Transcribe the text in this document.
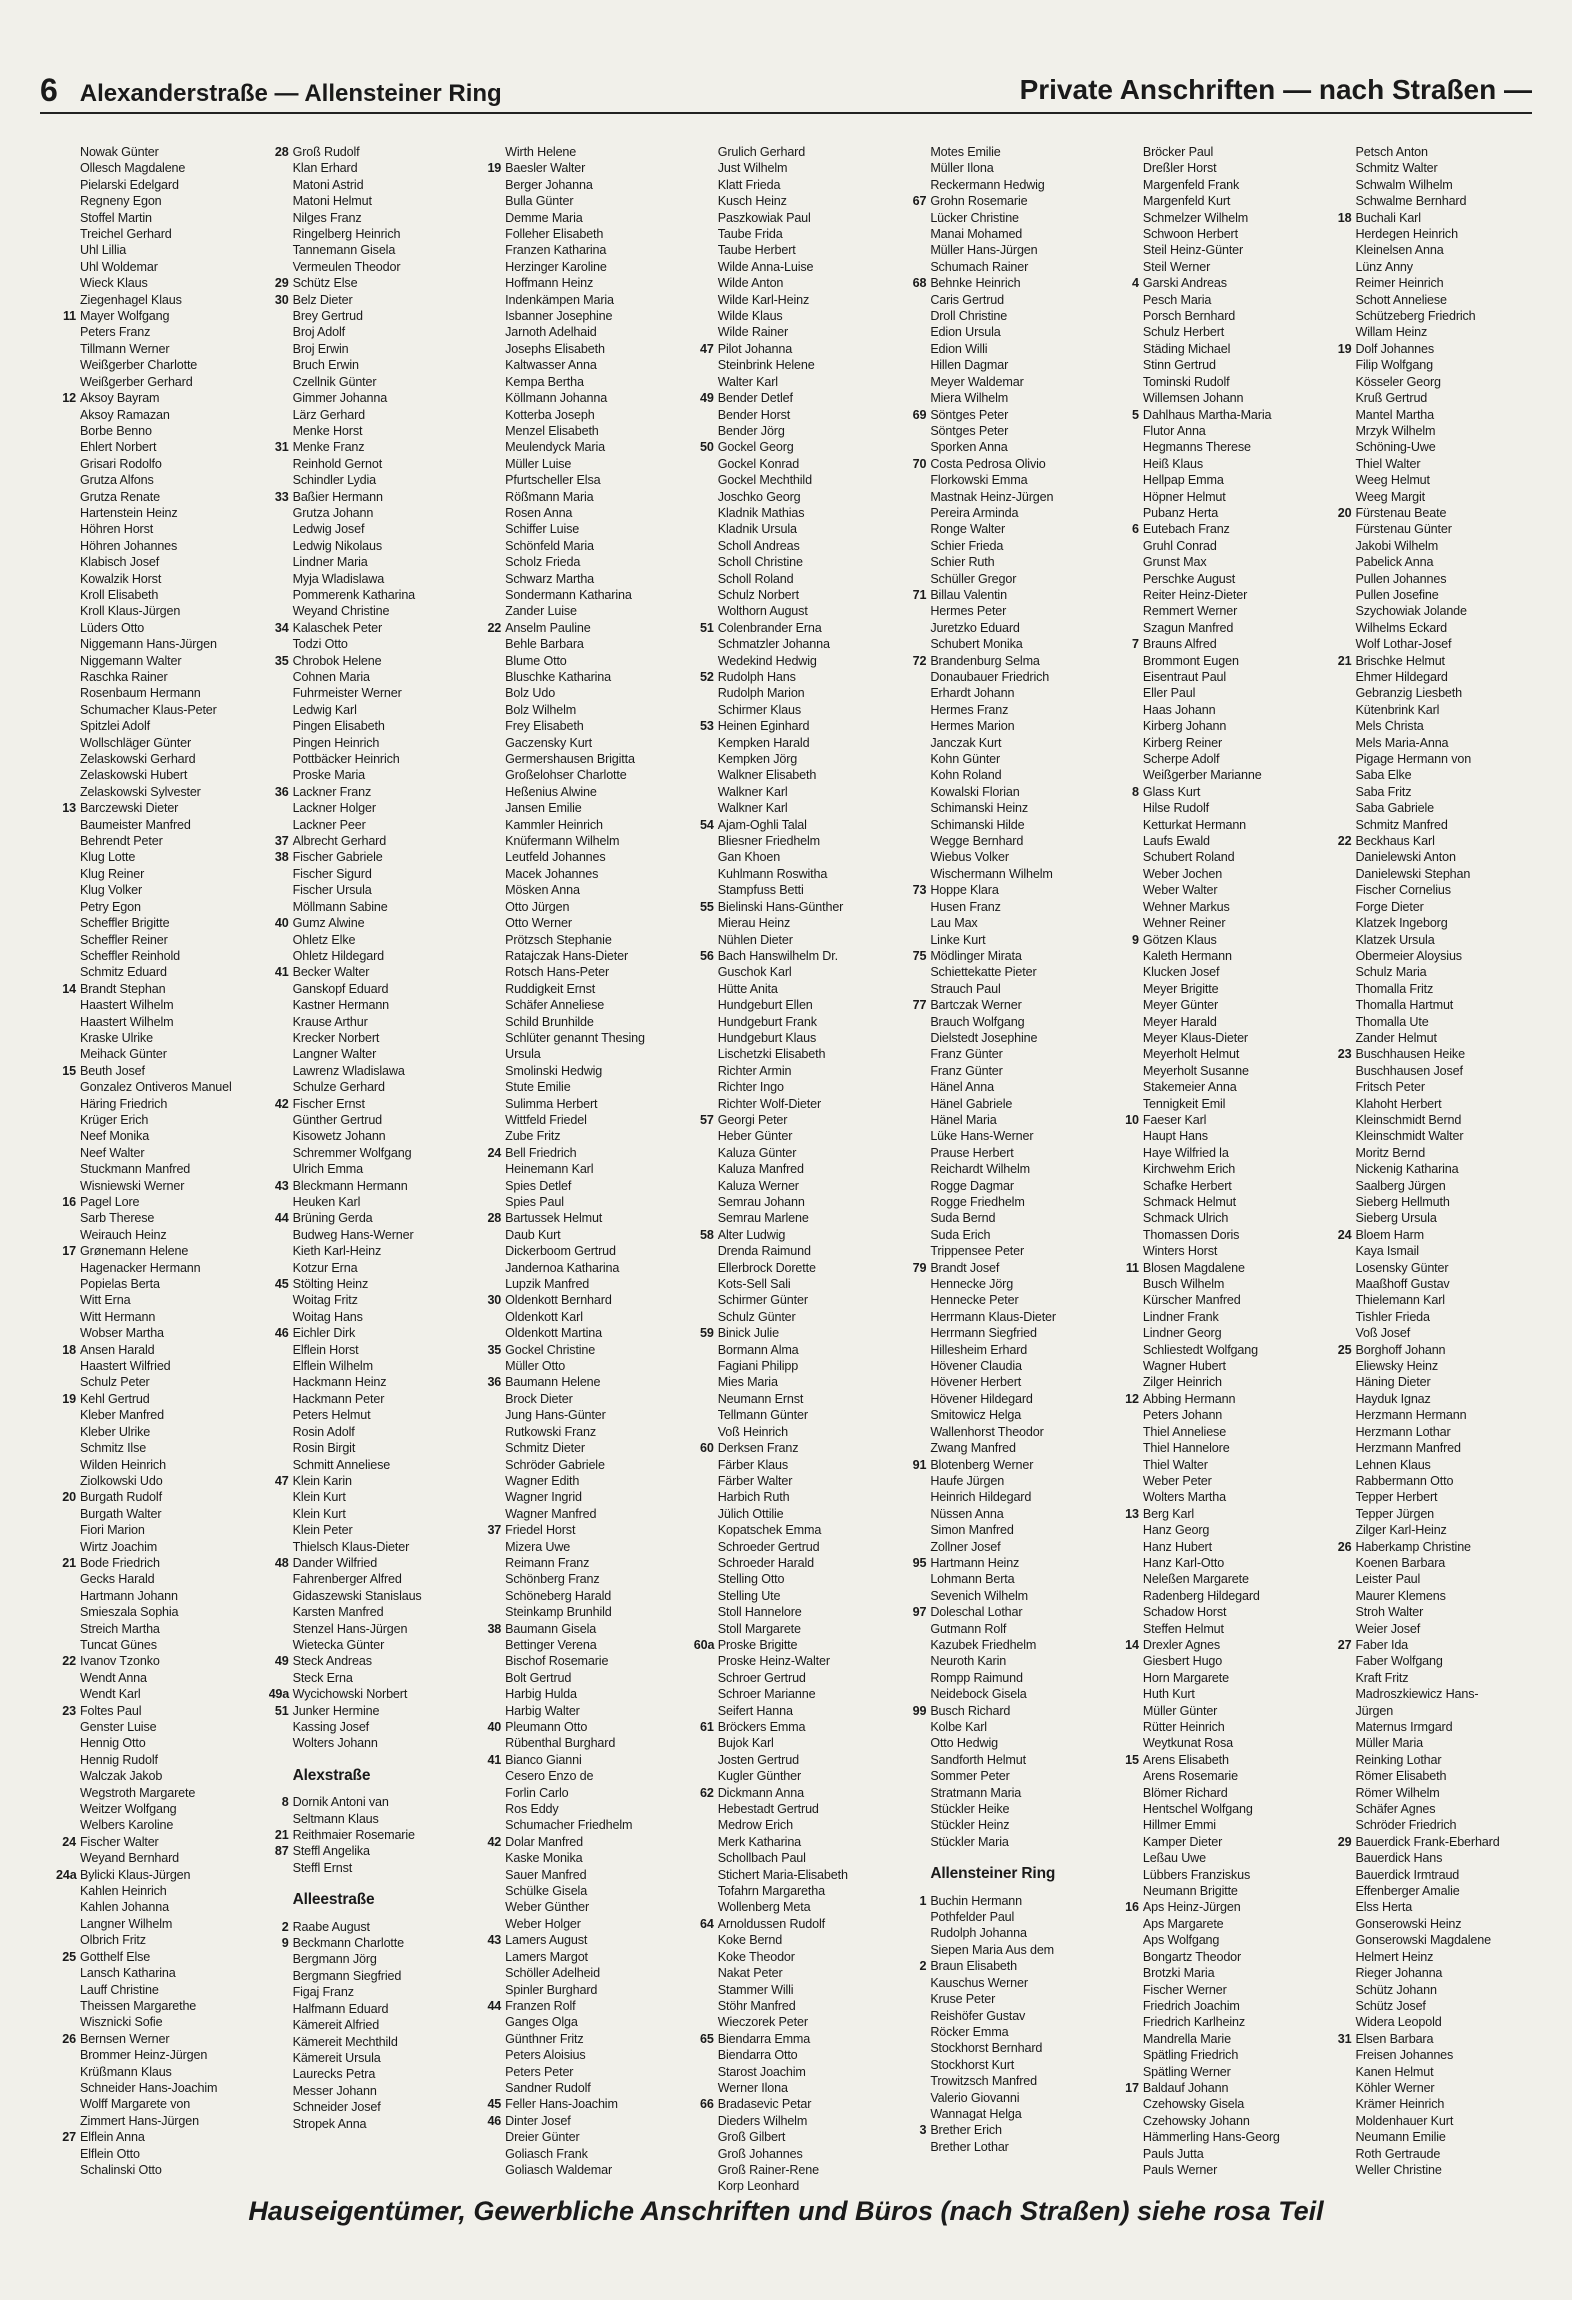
6 Alexanderstraße — Allensteiner Ring	Private Anschriften — nach Straßen —
Nowak Günter
Ollesch Magdalene
Pielarski Edelgard
Regneny Egon
Stoffel Martin
Treichel Gerhard
Uhl Lillia
Uhl Woldemar
Wieck Klaus
Ziegenhagel Klaus
11 Mayer Wolfgang
Peters Franz
Tillmann Werner
Weißgerber Charlotte
Weißgerber Gerhard
12 Aksoy Bayram
Aksoy Ramazan
Borbe Benno
Ehlert Norbert
Grisari Rodolfo
Grutza Alfons
Grutza Renate
Hartenstein Heinz
Höhren Horst
Höhren Johannes
Klabisch Josef
Kowalzik Horst
Kroll Elisabeth
Kroll Klaus-Jürgen
Lüders Otto
Niggemann Hans-Jürgen
Niggemann Walter
Raschka Rainer
Rosenbaum Hermann
Schumacher Klaus-Peter
Spitzlei Adolf
Wollschläger Günter
Zelaskowski Gerhard
Zelaskowski Hubert
Zelaskowski Sylvester
13 Barczewski Dieter
Baumeister Manfred
Behrendt Peter
Klug Lotte
Klug Reiner
Klug Volker
Petry Egon
Scheffler Brigitte
Scheffler Reiner
Scheffler Reinhold
Schmitz Eduard
14 Brandt Stephan
Haastert Wilhelm
Haastert Wilhelm
Kraske Ulrike
Meihack Günter
15 Beuth Josef
Gonzalez Ontiveros Manuel
Häring Friedrich
Krüger Erich
Neef Monika
Neef Walter
Stuckmann Manfred
Wisniewski Werner
16 Pagel Lore
Sarb Therese
Weirauch Heinz
17 Grønemann Helene
Hagenacker Hermann
Popielas Berta
Witt Erna
Witt Hermann
Wobser Martha
18 Ansen Harald
Haastert Wilfried
Schulz Peter
19 Kehl Gertrud
Kleber Manfred
Kleber Ulrike
Schmitz Ilse
Wilden Heinrich
Ziolkowski Udo
20 Burgath Rudolf
Burgath Walter
Fiori Marion
Wirtz Joachim
21 Bode Friedrich
Gecks Harald
Hartmann Johann
Smieszala Sophia
Streich Martha
Tuncat Günes
22 Ivanov Tzonko
Wendt Anna
Wendt Karl
23 Foltes Paul
Genster Luise
Hennig Otto
Hennig Rudolf
Walczak Jakob
Wegstroth Margarete
Weitzer Wolfgang
Welbers Karoline
24 Fischer Walter
Weyand Bernhard
24a Bylicki Klaus-Jürgen
Kahlen Heinrich
Kahlen Johanna
Langner Wilhelm
Olbrich Fritz
25 Gotthelf Else
Lansch Katharina
Lauff Christine
Theissen Margarethe
Wisznicki Sofie
26 Bernsen Werner
Brommer Heinz-Jürgen
Krüßmann Klaus
Schneider Hans-Joachim
Wolff Margarete von
Zimmert Hans-Jürgen
27 Elflein Anna
Elflein Otto
Schalinski Otto
28 Groß Rudolf
Klan Erhard
Matoni Astrid
Matoni Helmut
Nilges Franz
Ringelberg Heinrich
Tannemann Gisela
Vermeulen Theodor
29 Schütz Else
30 Belz Dieter
Brey Gertrud
Broj Adolf
Broj Erwin
Bruch Erwin
Czellnik Günter
Gimmer Johanna
Lärz Gerhard
Menke Horst
31 Menke Franz
Reinhold Gernot
Schindler Lydia
33 Baßier Hermann
Grutza Johann
Ledwig Josef
Ledwig Nikolaus
Lindner Maria
Myja Wladislawa
Pommerenk Katharina
Weyand Christine
34 Kalaschek Peter
Todzi Otto
35 Chrobok Helene
Cohnen Maria
Fuhrmeister Werner
Ledwig Karl
Pingen Elisabeth
Pingen Heinrich
Pottbäcker Heinrich
Proske Maria
36 Lackner Franz
Lackner Holger
Lackner Peer
37 Albrecht Gerhard
38 Fischer Gabriele
Fischer Sigurd
Fischer Ursula
Möllmann Sabine
40 Gumz Alwine
Ohletz Elke
Ohletz Hildegard
41 Becker Walter
Ganskopf Eduard
Kastner Hermann
Krause Arthur
Krecker Norbert
Langner Walter
Lawrenz Wladislawa
Schulze Gerhard
42 Fischer Ernst
Günther Gertrud
Kisowetz Johann
Schremmer Wolfgang
Ulrich Emma
43 Bleckmann Hermann
Heuken Karl
44 Brüning Gerda
Budweg Hans-Werner
Kieth Karl-Heinz
Kotzur Erna
45 Stölting Heinz
Woitag Fritz
Woitag Hans
46 Eichler Dirk
Elflein Horst
Elflein Wilhelm
Hackmann Heinz
Hackmann Peter
Peters Helmut
Rosin Adolf
Rosin Birgit
Schmitt Anneliese
47 Klein Karin
Klein Kurt
Klein Kurt
Klein Peter
Thielsch Klaus-Dieter
48 Dander Wilfried
Fahrenberger Alfred
Gidaszewski Stanislaus
Karsten Manfred
Stenzel Hans-Jürgen
Wietecka Günter
49 Steck Andreas
Steck Erna
49a Wycichowski Norbert
51 Junker Hermine
Kassing Josef
Wolters Johann
Alexstraße
8 Dornik Antoni van
Seltmann Klaus
21 Reithmaier Rosemarie
87 Steffl Angelika
Steffl Ernst
Alleestraße
2 Raabe August
9 Beckmann Charlotte
Bergmann Jörg
Bergmann Siegfried
Figaj Franz
Halfmann Eduard
Kämereit Alfried
Kämereit Mechthild
Kämereit Ursula
Laurecks Petra
Messer Johann
Schneider Josef
Stropek Anna
Wirth Helene
19 Baesler Walter
Berger Johanna
Bulla Günter
Demme Maria
Folleher Elisabeth
Franzen Katharina
Herzinger Karoline
Hoffmann Heinz
Indenkämpen Maria
Isbanner Josephine
Jarnoth Adelhaid
Josephs Elisabeth
Kaltwasser Anna
Kempa Bertha
Köllmann Johanna
Kotterba Joseph
Menzel Elisabeth
Meulendyck Maria
Müller Luise
Pfurtscheller Elsa
Rößmann Maria
Rosen Anna
Schiffer Luise
Schönfeld Maria
Scholz Frieda
Schwarz Martha
Sondermann Katharina
Zander Luise
22 Anselm Pauline
Behle Barbara
Blume Otto
Bluschke Katharina
Bolz Udo
Bolz Wilhelm
Frey Elisabeth
Gaczensky Kurt
Germershausen Brigitta
Großelohser Charlotte
Heßenius Alwine
Jansen Emilie
Kammler Heinrich
Knüfermann Wilhelm
Leutfeld Johannes
Macek Johannes
Mösken Anna
Otto Jürgen
Otto Werner
Prötzsch Stephanie
Ratajczak Hans-Dieter
Rotsch Hans-Peter
Ruddigkeit Ernst
Schäfer Anneliese
Schild Brunhilde
Schlüter genannt Thesing
Ursula
Smolinski Hedwig
Stute Emilie
Sulimma Herbert
Wittfeld Friedel
Zube Fritz
24 Bell Friedrich
Heinemann Karl
Spies Detlef
Spies Paul
28 Bartussek Helmut
Daub Kurt
Dickerboom Gertrud
Jandernoa Katharina
Lupzik Manfred
30 Oldenkott Bernhard
Oldenkott Karl
Oldenkott Martina
35 Gockel Christine
Müller Otto
36 Baumann Helene
Brock Dieter
Jung Hans-Günter
Rutkowski Franz
Schmitz Dieter
Schröder Gabriele
Wagner Edith
Wagner Ingrid
Wagner Manfred
37 Friedel Horst
Mizera Uwe
Reimann Franz
Schönberg Franz
Schöneberg Harald
Steinkamp Brunhild
38 Baumann Gisela
Bettinger Verena
Bischof Rosemarie
Bolt Gertrud
Harbig Hulda
Harbig Walter
40 Pleumann Otto
Rübenthal Burghard
41 Bianco Gianni
Cesero Enzo de
Forlin Carlo
Ros Eddy
Schumacher Friedhelm
42 Dolar Manfred
Kaske Monika
Sauer Manfred
Schülke Gisela
Weber Günther
Weber Holger
43 Lamers August
Lamers Margot
Schöller Adelheid
Spinler Burghard
44 Franzen Rolf
Ganges Olga
Günthner Fritz
Peters Aloisius
Peters Peter
Sandner Rudolf
45 Feller Hans-Joachim
46 Dinter Josef
Dreier Günter
Goliasch Frank
Goliasch Waldemar
Grulich Gerhard
Just Wilhelm
Klatt Frieda
Kusch Heinz
Paszkowiak Paul
Taube Frida
Taube Herbert
Wilde Anna-Luise
Wilde Anton
Wilde Karl-Heinz
Wilde Klaus
Wilde Rainer
47 Pilot Johanna
Steinbrink Helene
Walter Karl
49 Bender Detlef
Bender Horst
Bender Jörg
50 Gockel Georg
Gockel Konrad
Gockel Mechthild
Joschko Georg
Kladnik Mathias
Kladnik Ursula
Scholl Andreas
Scholl Christine
Scholl Roland
Schulz Norbert
Wolthorn August
51 Colenbrander Erna
Schmatzler Johanna
Wedekind Hedwig
52 Rudolph Hans
Rudolph Marion
Schirmer Klaus
53 Heinen Eginhard
Kempken Harald
Kempken Jörg
Walkner Elisabeth
Walkner Karl
Walkner Karl
54 Ajam-Oghli Talal
Bliesner Friedhelm
Gan Khoen
Kuhlmann Roswitha
Stampfuss Betti
55 Bielinski Hans-Günther
Mierau Heinz
Nühlen Dieter
56 Bach Hanswilhelm Dr.
Guschok Karl
Hütte Anita
Hundgeburt Ellen
Hundgeburt Frank
Hundgeburt Klaus
Lischetzki Elisabeth
Richter Armin
Richter Ingo
Richter Wolf-Dieter
57 Georgi Peter
Heber Günter
Kaluza Günter
Kaluza Manfred
Kaluza Werner
Semrau Johann
Semrau Marlene
58 Alter Ludwig
Drenda Raimund
Ellerbrock Dorette
Kots-Sell Sali
Schirmer Günter
Schulz Günter
59 Binick Julie
Bormann Alma
Fagiani Philipp
Mies Maria
Neumann Ernst
Tellmann Günter
Voß Heinrich
60 Derksen Franz
Färber Klaus
Färber Walter
Harbich Ruth
Jülich Ottilie
Kopatschek Emma
Schroeder Gertrud
Schroeder Harald
Stelling Otto
Stelling Ute
Stoll Hannelore
Stoll Margarete
60a Proske Brigitte
Proske Heinz-Walter
Schroer Gertrud
Schroer Marianne
Seifert Hanna
61 Bröckers Emma
Bujok Karl
Josten Gertrud
Kugler Günther
62 Dickmann Anna
Hebestadt Gertrud
Medrow Erich
Merk Katharina
Schollbach Paul
Stichert Maria-Elisabeth
Tofahrn Margaretha
Wollenberg Meta
64 Arnoldussen Rudolf
Koke Bernd
Koke Theodor
Nakat Peter
Stammer Willi
Stöhr Manfred
Wieczorek Peter
65 Biendarra Emma
Biendarra Otto
Starost Joachim
Werner Ilona
66 Bradasevic Petar
Dieders Wilhelm
Groß Gilbert
Groß Johannes
Groß Rainer-Rene
Korp Leonhard
Motes Emilie
Müller Ilona
Reckermann Hedwig
67 Grohn Rosemarie
Lücker Christine
Manai Mohamed
Müller Hans-Jürgen
Schumach Rainer
68 Behnke Heinrich
Caris Gertrud
Droll Christine
Edion Ursula
Edion Willi
Hillen Dagmar
Meyer Waldemar
Miera Wilhelm
69 Söntges Peter
Söntges Peter
Sporken Anna
70 Costa Pedrosa Olivio
Florkowski Emma
Mastnak Heinz-Jürgen
Pereira Arminda
Ronge Walter
Schier Frieda
Schier Ruth
Schüller Gregor
71 Billau Valentin
Hermes Peter
Juretzko Eduard
Schubert Monika
72 Brandenburg Selma
Donaubauer Friedrich
Erhardt Johann
Hermes Franz
Hermes Marion
Janczak Kurt
Kohn Günter
Kohn Roland
Kowalski Florian
Schimanski Heinz
Schimanski Hilde
Wegge Bernhard
Wiebus Volker
Wischermann Wilhelm
73 Hoppe Klara
Husen Franz
Lau Max
Linke Kurt
75 Mödlinger Mirata
Schiettekatte Pieter
Strauch Paul
77 Bartczak Werner
Brauch Wolfgang
Dielstedt Josephine
Franz Günter
Franz Günter
Hänel Anna
Hänel Gabriele
Hänel Maria
Lüke Hans-Werner
Prause Herbert
Reichardt Wilhelm
Rogge Dagmar
Rogge Friedhelm
Suda Bernd
Suda Erich
Trippensee Peter
79 Brandt Josef
Hennecke Jörg
Hennecke Peter
Herrmann Klaus-Dieter
Herrmann Siegfried
Hillesheim Erhard
Hövener Claudia
Hövener Herbert
Hövener Hildegard
Smitowicz Helga
Wallenhorst Theodor
Zwang Manfred
91 Blotenberg Werner
Haufe Jürgen
Heinrich Hildegard
Nüssen Anna
Simon Manfred
Zollner Josef
95 Hartmann Heinz
Lohmann Berta
Sevenich Wilhelm
97 Doleschal Lothar
Gutmann Rolf
Kazubek Friedhelm
Neuroth Karin
Rompp Raimund
Neidebock Gisela
99 Busch Richard
Kolbe Karl
Otto Hedwig
Sandforth Helmut
Sommer Peter
Stratmann Maria
Stückler Heike
Stückler Heinz
Stückler Maria
Allensteiner Ring
1 Buchin Hermann
Pothfelder Paul
Rudolph Johanna
Siepen Maria Aus dem
2 Braun Elisabeth
Kauschus Werner
Kruse Peter
Reishöfer Gustav
Röcker Emma
Stockhorst Bernhard
Stockhorst Kurt
Trowitzsch Manfred
Valerio Giovanni
Wannagat Helga
3 Brether Erich
Brether Lothar
Bröcker Paul
Dreßler Horst
Margenfeld Frank
Margenfeld Kurt
Schmelzer Wilhelm
Schwoon Herbert
Steil Heinz-Günter
Steil Werner
4 Garski Andreas
Pesch Maria
Porsch Bernhard
Schulz Herbert
Städing Michael
Stinn Gertrud
Tominski Rudolf
Willemsen Johann
5 Dahlhaus Martha-Maria
Flutor Anna
Hegmanns Therese
Heiß Klaus
Hellpap Emma
Höpner Helmut
Pubanz Herta
6 Eutebach Franz
Gruhl Conrad
Grunst Max
Perschke August
Reiter Heinz-Dieter
Remmert Werner
Szagun Manfred
7 Brauns Alfred
Brommont Eugen
Eisentraut Paul
Eller Paul
Haas Johann
Kirberg Johann
Kirberg Reiner
Scherpe Adolf
Weißgerber Marianne
8 Glass Kurt
Hilse Rudolf
Ketturkat Hermann
Laufs Ewald
Schubert Roland
Weber Jochen
Weber Walter
Wehner Markus
Wehner Reiner
9 Götzen Klaus
Kaleth Hermann
Klucken Josef
Meyer Brigitte
Meyer Günter
Meyer Harald
Meyer Klaus-Dieter
Meyerholt Helmut
Meyerholt Susanne
Stakemeier Anna
Tennigkeit Emil
10 Faeser Karl
Haupt Hans
Haye Wilfried la
Kirchwehm Erich
Schafke Herbert
Schmack Helmut
Schmack Ulrich
Thomassen Doris
Winters Horst
11 Blosen Magdalene
Busch Wilhelm
Kürscher Manfred
Lindner Frank
Lindner Georg
Schliestedt Wolfgang
Wagner Hubert
Zilger Heinrich
12 Abbing Hermann
Peters Johann
Thiel Anneliese
Thiel Hannelore
Thiel Walter
Weber Peter
Wolters Martha
13 Berg Karl
Hanz Georg
Hanz Hubert
Hanz Karl-Otto
Neleßen Margarete
Radenberg Hildegard
Schadow Horst
Steffen Helmut
14 Drexler Agnes
Giesbert Hugo
Horn Margarete
Huth Kurt
Müller Günter
Rütter Heinrich
Weytkunat Rosa
15 Arens Elisabeth
Arens Rosemarie
Blömer Richard
Hentschel Wolfgang
Hillmer Emmi
Kamper Dieter
Leßau Uwe
Lübbers Franziskus
Neumann Brigitte
16 Aps Heinz-Jürgen
Aps Margarete
Aps Wolfgang
Bongartz Theodor
Brotzki Maria
Fischer Werner
Friedrich Joachim
Friedrich Karlheinz
Mandrella Marie
Spätling Friedrich
Spätling Werner
17 Baldauf Johann
Czehowsky Gisela
Czehowsky Johann
Hämmerling Hans-Georg
Pauls Jutta
Pauls Werner
Petsch Anton
Schmitz Walter
Schwalm Wilhelm
Schwalme Bernhard
18 Buchali Karl
Herdegen Heinrich
Kleinelsen Anna
Lünz Anny
Reimer Heinrich
Schott Anneliese
Schützeberg Friedrich
Willam Heinz
19 Dolf Johannes
Filip Wolfgang
Kösseler Georg
Kruß Gertrud
Mantel Martha
Mrzyk Wilhelm
Schöning-Uwe
Thiel Walter
Weeg Helmut
Weeg Margit
20 Fürstenau Beate
Fürstenau Günter
Jakobi Wilhelm
Pabelick Anna
Pullen Johannes
Pullen Josefine
Szychowiak Jolande
Wilhelms Eckard
Wolf Lothar-Josef
21 Brischke Helmut
Ehmer Hildegard
Gebranzig Liesbeth
Kütenbrink Karl
Mels Christa
Mels Maria-Anna
Pigage Hermann von
Saba Elke
Saba Fritz
Saba Gabriele
Schmitz Manfred
22 Beckhaus Karl
Danielewski Anton
Danielewski Stephan
Fischer Cornelius
Forge Dieter
Klatzek Ingeborg
Klatzek Ursula
Obermeier Aloysius
Schulz Maria
Thomalla Fritz
Thomalla Hartmut
Thomalla Ute
Zander Helmut
23 Buschhausen Heike
Buschhausen Josef
Fritsch Peter
Klahoht Herbert
Kleinschmidt Bernd
Kleinschmidt Walter
Moritz Bernd
Nickenig Katharina
Saalberg Jürgen
Sieberg Hellmuth
Sieberg Ursula
24 Bloem Harm
Kaya Ismail
Losensky Günter
Maaßhoff Gustav
Thielemann Karl
Tishler Frieda
Voß Josef
25 Borghoff Johann
Eliewsky Heinz
Häning Dieter
Hayduk Ignaz
Herzmann Hermann
Herzmann Lothar
Herzmann Manfred
Lehnen Klaus
Rabbermann Otto
Tepper Herbert
Tepper Jürgen
Zilger Karl-Heinz
26 Haberkamp Christine
Koenen Barbara
Leister Paul
Maurer Klemens
Stroh Walter
Weier Josef
27 Faber Ida
Faber Wolfgang
Kraft Fritz
Madroszkiewicz Hans-
Jürgen
Maternus Irmgard
Müller Maria
Reinking Lothar
Römer Elisabeth
Römer Wilhelm
Schäfer Agnes
Schröder Friedrich
29 Bauerdick Frank-Eberhard
Bauerdick Hans
Bauerdick Irmtraud
Effenberger Amalie
Elss Herta
Gonserowski Heinz
Gonserowski Magdalene
Helmert Heinz
Rieger Johanna
Schütz Johann
Schütz Josef
Widera Leopold
31 Elsen Barbara
Freisen Johannes
Kanen Helmut
Köhler Werner
Krämer Heinrich
Moldenhauer Kurt
Neumann Emilie
Roth Gertraude
Weller Christine
Hauseigentümer, Gewerbliche Anschriften und Büros (nach Straßen) siehe rosa Teil
